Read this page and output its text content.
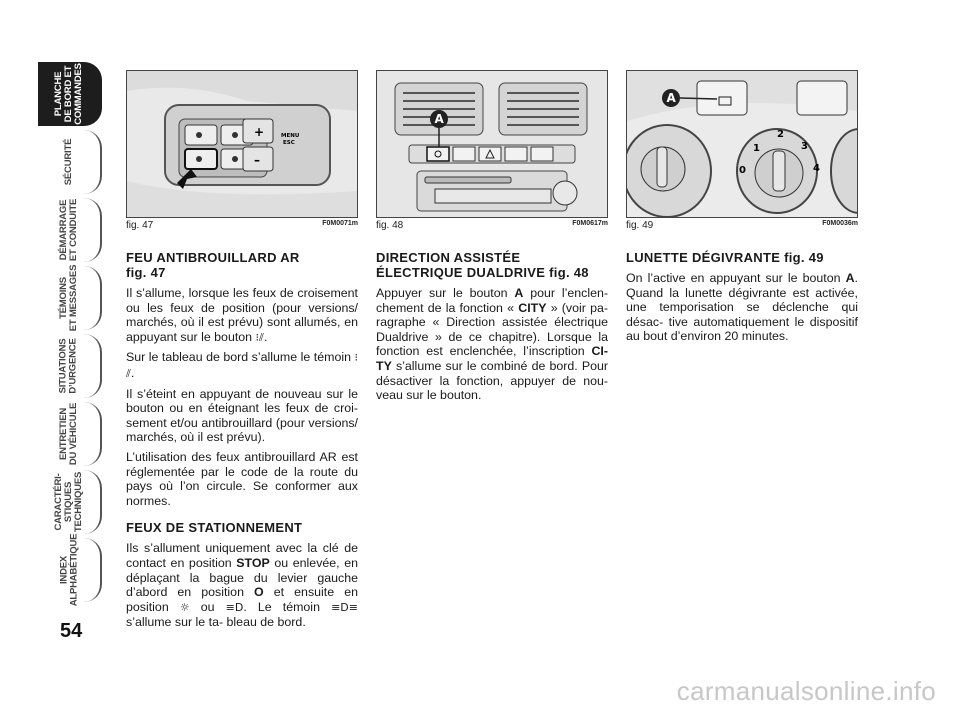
PLANCHE
DE BORD ET
COMMANDES
SÉCURITÉ
DÉMARRAGE
ET CONDUITE
TÉMOINS
ET MESSAGES
SITUATIONS
D’URGENCE
ENTRETIEN
DU VÉHICULE
CARACTÉRI-
STIQUES
TECHNIQUES
INDEX
ALPHABÉTIQUE
54
+
–
MENU
ESC
fig. 47	F0M0071m
A
fig. 48	F0M0617m
A
0
1
2
3
4
fig. 49	F0M0036m
FEU ANTIBROUILLARD AR
fig. 47

Il s’allume, lorsque les feux de croisement ou les feux de position (pour versions/ marchés, où il est prévu) sont allumés, en appuyant sur le bouton ⁝⫽.

Sur le tableau de bord s’allume le témoin ⁝⫽.

Il s’éteint en appuyant de nouveau sur le bouton ou en éteignant les feux de croi- sement et/ou antibrouillard (pour versions/ marchés, où il est prévu).

L’utilisation des feux antibrouillard AR est réglementée par le code de la route du pays où l’on circule. Se conformer aux normes.

FEUX DE STATIONNEMENT

Ils s’allument uniquement avec la clé de contact en position STOP ou enlevée, en déplaçant la bague du levier gauche d’abord en position O et ensuite en position ☼ ou ≡D. Le témoin ≡D≡ s’allume sur le ta- bleau de bord.

DIRECTION ASSISTÉE ÉLECTRIQUE DUALDRIVE fig. 48

Appuyer sur le bouton A pour l’enclen- chement de la fonction « CITY » (voir pa- ragraphe « Direction assistée électrique Dualdrive » de ce chapitre). Lorsque la fonction est enclenchée, l’inscription CI- TY s’allume sur le combiné de bord. Pour désactiver la fonction, appuyer de nou- veau sur le bouton.

LUNETTE DÉGIVRANTE fig. 49

On l’active en appuyant sur le bouton A. Quand la lunette dégivrante est activée, une temporisation se déclenche qui désac- tive automatiquement le dispositif au bout d’environ 20 minutes.

carmanualsonline.info
